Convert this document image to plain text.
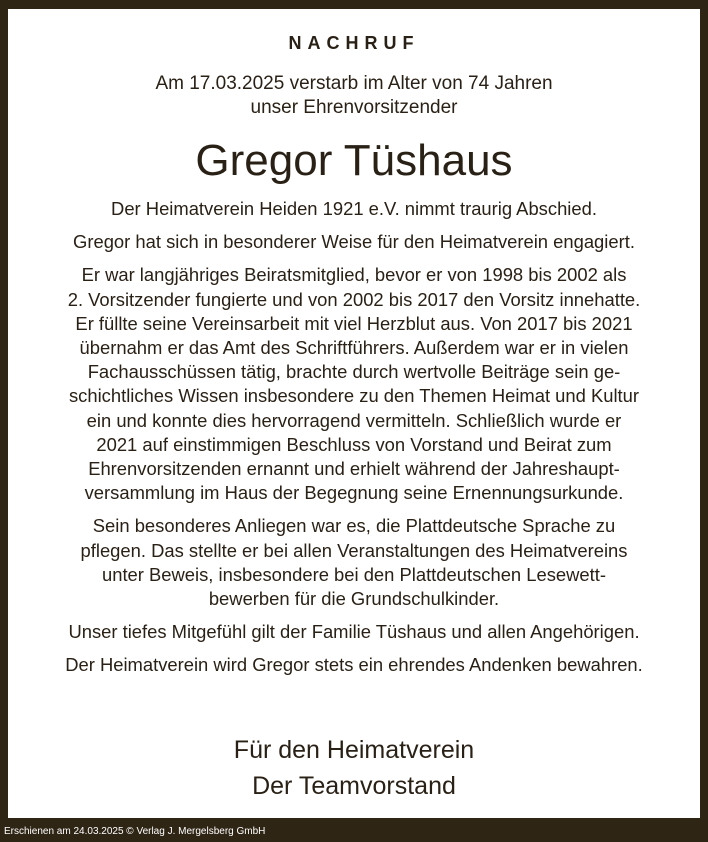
NACHRUF
Am 17.03.2025 verstarb im Alter von 74 Jahren
unser Ehrenvorsitzender
Gregor Tüshaus

Der Heimatverein Heiden 1921 e.V. nimmt traurig Abschied.

Gregor hat sich in besonderer Weise für den Heimatverein engagiert.

Er war langjähriges Beiratsmitglied, bevor er von 1998 bis 2002 als
2. Vorsitzender fungierte und von 2002 bis 2017 den Vorsitz innehatte.
Er füllte seine Vereinsarbeit mit viel Herzblut aus. Von 2017 bis 2021
übernahm er das Amt des Schriftführers. Außerdem war er in vielen
Fachausschüssen tätig, brachte durch wertvolle Beiträge sein ge-
schichtliches Wissen insbesondere zu den Themen Heimat und Kultur
ein und konnte dies hervorragend vermitteln. Schließlich wurde er
2021 auf einstimmigen Beschluss von Vorstand und Beirat zum
Ehrenvorsitzenden ernannt und erhielt während der Jahreshaupt-
versammlung im Haus der Begegnung seine Ernennungsurkunde.

Sein besonderes Anliegen war es, die Plattdeutsche Sprache zu
pflegen. Das stellte er bei allen Veranstaltungen des Heimatvereins
unter Beweis, insbesondere bei den Plattdeutschen Lesewett-
bewerben für die Grundschulkinder.

Unser tiefes Mitgefühl gilt der Familie Tüshaus und allen Angehörigen.

Der Heimatverein wird Gregor stets ein ehrendes Andenken bewahren.

Für den Heimatverein
Der Teamvorstand
Erschienen am 24.03.2025 © Verlag J. Mergelsberg GmbH
